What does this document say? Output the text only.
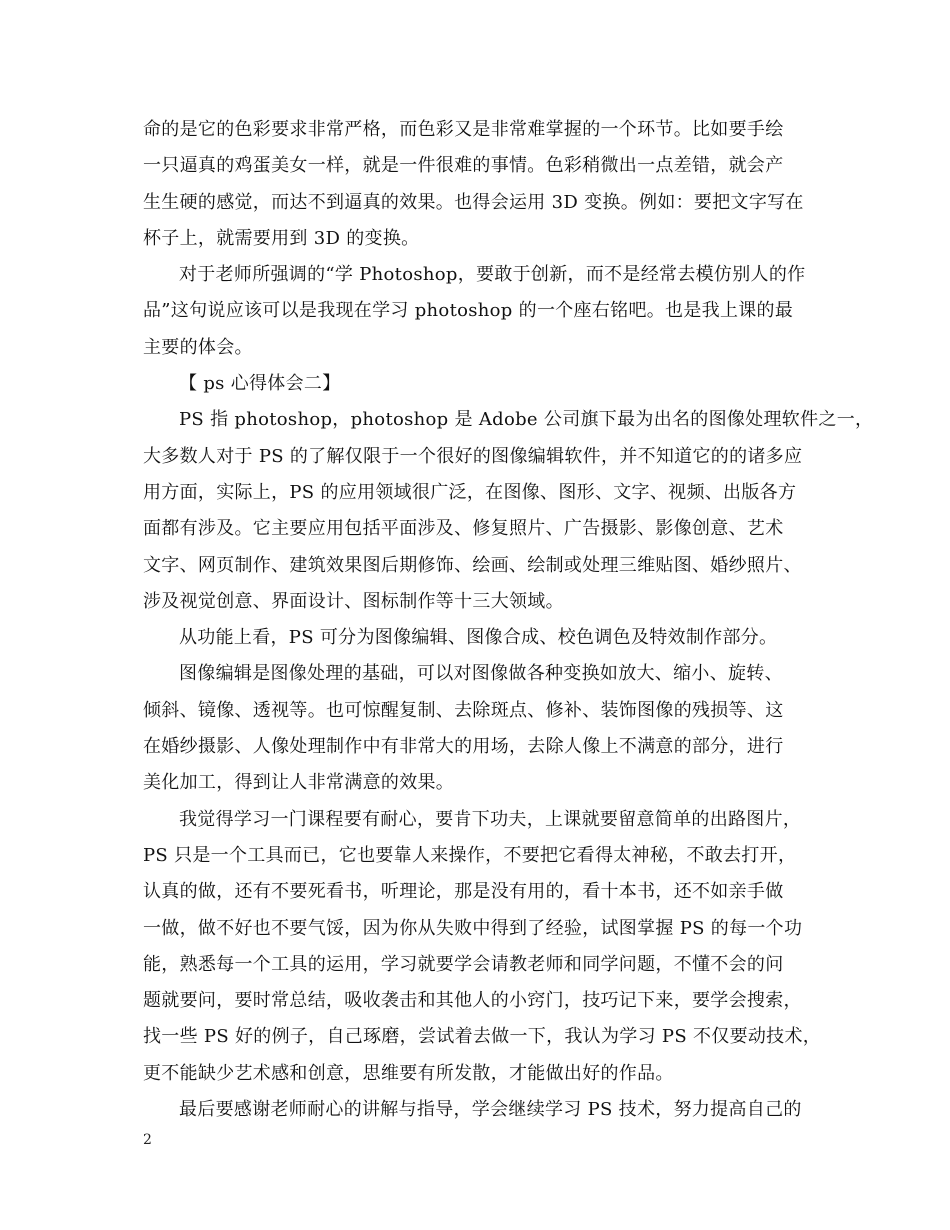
命的是它的色彩要求非常严格，而色彩又是非常难掌握的一个环节。比如要手绘
一只逼真的鸡蛋美女一样，就是一件很难的事情。色彩稍微出一点差错，就会产
生生硬的感觉，而达不到逼真的效果。也得会运用 3D 变换。例如：要把文字写在
杯子上，就需要用到 3D 的变换。
对于老师所强调的“学 Photoshop，要敢于创新，而不是经常去模仿别人的作
品”这句说应该可以是我现在学习 photoshop 的一个座右铭吧。也是我上课的最
主要的体会。
【 ps 心得体会二】
PS 指 photoshop，photoshop 是 Adobe 公司旗下最为出名的图像处理软件之一，
大多数人对于 PS 的了解仅限于一个很好的图像编辑软件，并不知道它的的诸多应
用方面，实际上，PS 的应用领域很广泛，在图像、图形、文字、视频、出版各方
面都有涉及。它主要应用包括平面涉及、修复照片、广告摄影、影像创意、艺术
文字、网页制作、建筑效果图后期修饰、绘画、绘制或处理三维贴图、婚纱照片、
涉及视觉创意、界面设计、图标制作等十三大领域。
从功能上看，PS 可分为图像编辑、图像合成、校色调色及特效制作部分。
图像编辑是图像处理的基础，可以对图像做各种变换如放大、缩小、旋转、
倾斜、镜像、透视等。也可惊醒复制、去除斑点、修补、装饰图像的残损等、这
在婚纱摄影、人像处理制作中有非常大的用场，去除人像上不满意的部分，进行
美化加工，得到让人非常满意的效果。
我觉得学习一门课程要有耐心，要肯下功夫，上课就要留意简单的出路图片，
PS 只是一个工具而已，它也要靠人来操作，不要把它看得太神秘，不敢去打开，
认真的做，还有不要死看书，听理论，那是没有用的，看十本书，还不如亲手做
一做，做不好也不要气馁，因为你从失败中得到了经验，试图掌握 PS 的每一个功
能，熟悉每一个工具的运用，学习就要学会请教老师和同学问题，不懂不会的问
题就要问，要时常总结，吸收袭击和其他人的小窍门，技巧记下来，要学会搜索，
找一些 PS 好的例子，自己琢磨，尝试着去做一下，我认为学习 PS 不仅要动技术，
更不能缺少艺术感和创意，思维要有所发散，才能做出好的作品。
最后要感谢老师耐心的讲解与指导，学会继续学习 PS 技术，努力提高自己的
2
